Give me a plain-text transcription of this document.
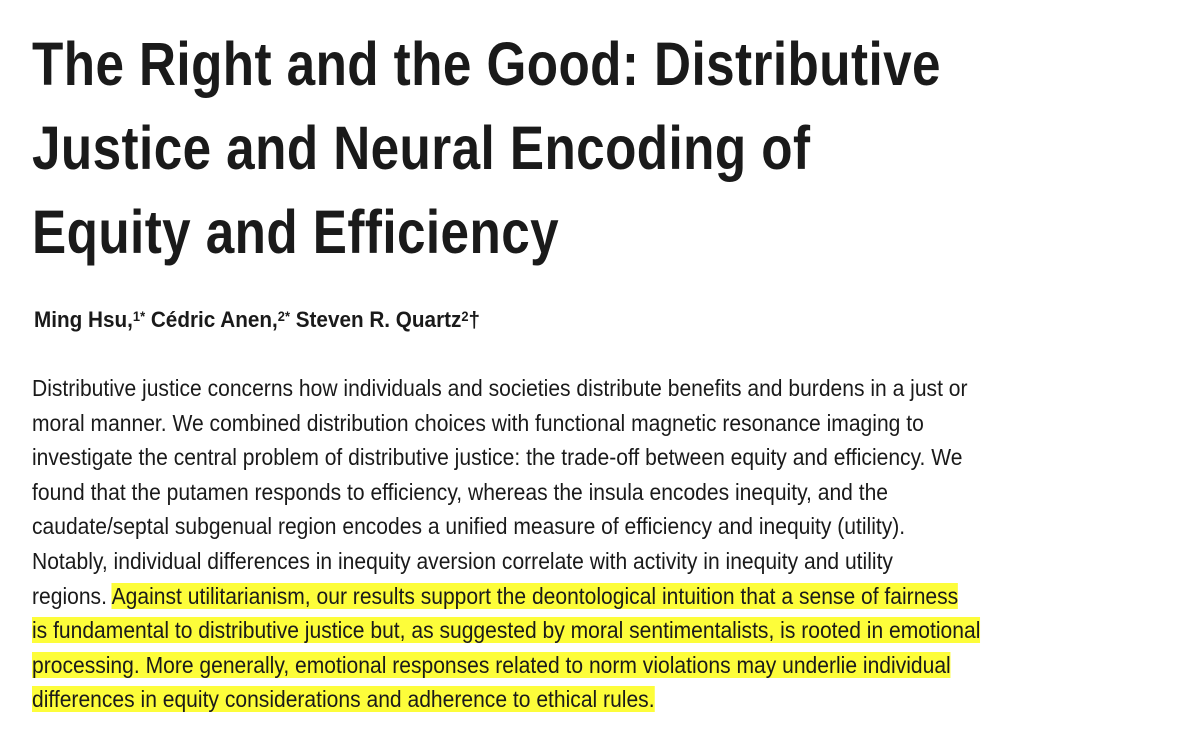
The Right and the Good: Distributive
Justice and Neural Encoding of
Equity and Efficiency
Ming Hsu,$^{1*}$ Cédric Anen,$^{2*}$ Steven R. Quartz$^2$†

Distributive justice concerns how individuals and societies distribute benefits and burdens in a just or
moral manner. We combined distribution choices with functional magnetic resonance imaging to
investigate the central problem of distributive justice: the trade-off between equity and efficiency. We
found that the putamen responds to efficiency, whereas the insula encodes inequity, and the
caudate/septal subgenual region encodes a unified measure of efficiency and inequity (utility).
Notably, individual differences in inequity aversion correlate with activity in inequity and utility
regions. Against utilitarianism, our results support the deontological intuition that a sense of fairness
is fundamental to distributive justice but, as suggested by moral sentimentalists, is rooted in emotional
processing. More generally, emotional responses related to norm violations may underlie individual
differences in equity considerations and adherence to ethical rules.
